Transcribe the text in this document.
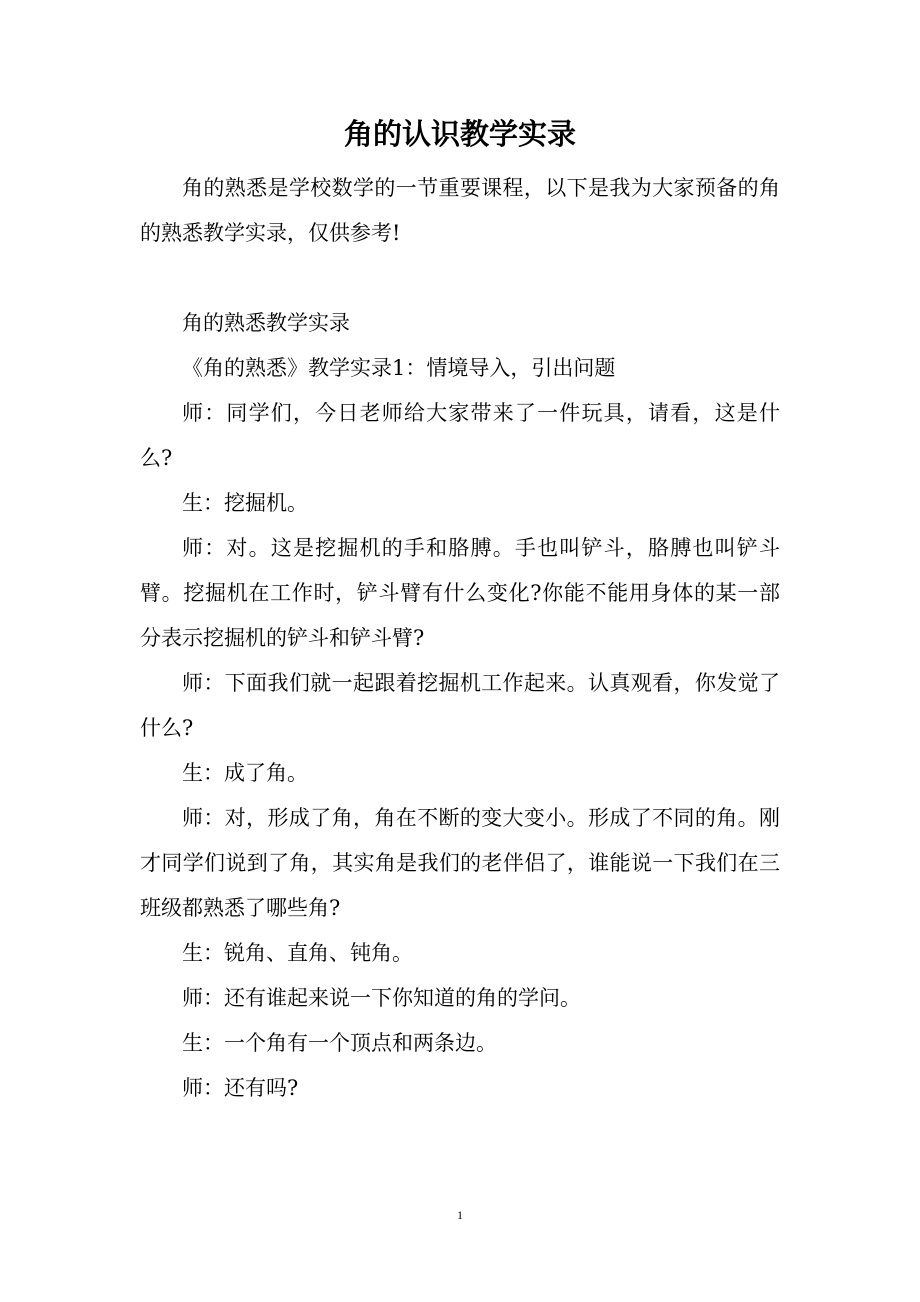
角的认识教学实录

角的熟悉是学校数学的一节重要课程，以下是我为大家预备的角的熟悉教学实录，仅供参考!

角的熟悉教学实录

《角的熟悉》教学实录1：情境导入，引出问题

师：同学们，今日老师给大家带来了一件玩具，请看，这是什么?

生：挖掘机。

师：对。这是挖掘机的手和胳膊。手也叫铲斗，胳膊也叫铲斗臂。挖掘机在工作时，铲斗臂有什么变化?你能不能用身体的某一部分表示挖掘机的铲斗和铲斗臂?

师：下面我们就一起跟着挖掘机工作起来。认真观看，你发觉了什么?

生：成了角。

师：对，形成了角，角在不断的变大变小。形成了不同的角。刚才同学们说到了角，其实角是我们的老伴侣了，谁能说一下我们在三班级都熟悉了哪些角?

生：锐角、直角、钝角。

师：还有谁起来说一下你知道的角的学问。

生：一个角有一个顶点和两条边。

师：还有吗?

1
